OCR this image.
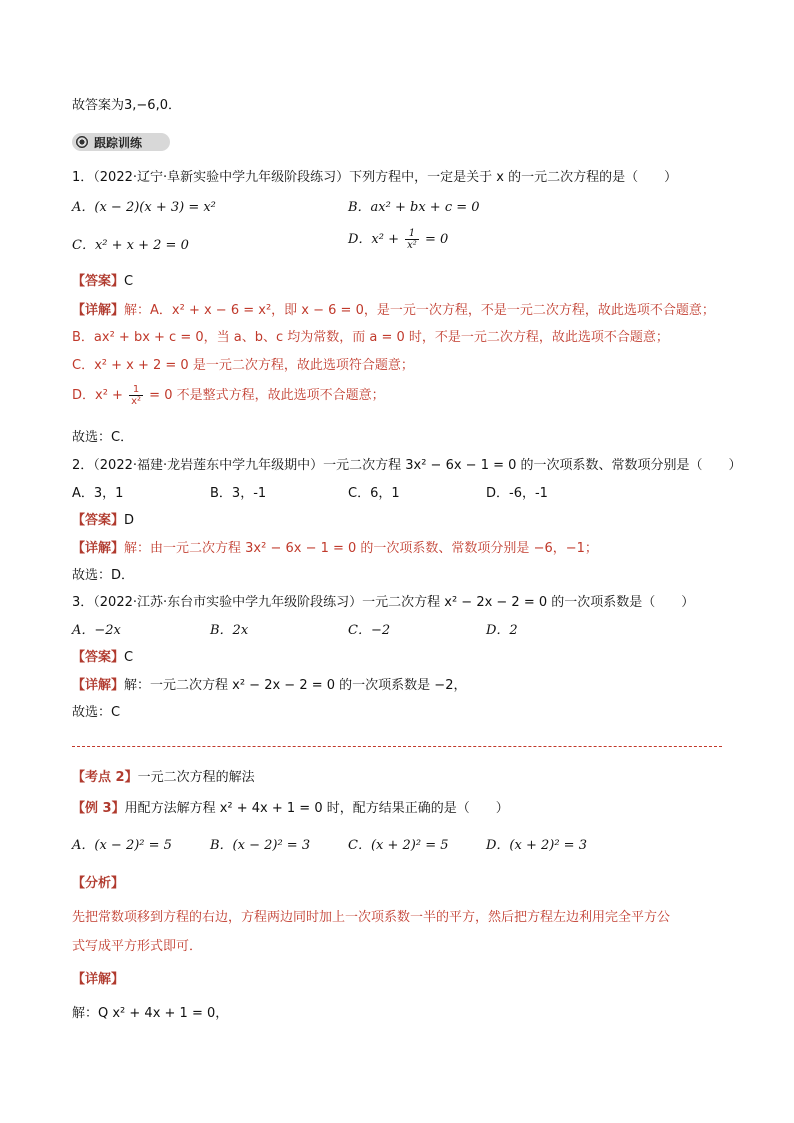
故答案为3,−6,0．
跟踪训练
1．（2022·辽宁·阜新实验中学九年级阶段练习）下列方程中，一定是关于 x 的一元二次方程的是（　　）
A．(x − 2)(x + 3) = x²	B．ax² + bx + c = 0
C．x² + x + 2 = 0	D．$x^2 + \frac{1}{\text{x²}} = 0$
【答案】C
【详解】解：A．x² + x − 6 = x²，即 x − 6 = 0，是一元一次方程，不是一元二次方程，故此选项不合题意；
B．ax² + bx + c = 0，当 a、b、c 均为常数，而 a = 0 时，不是一元二次方程，故此选项不合题意；
C．x² + x + 2 = 0 是一元二次方程，故此选项符合题意；
D．$x^2 + \frac{1}{\text{x²}} = 0$ 不是整式方程，故此选项不合题意；
故选：C．
2．（2022·福建·龙岩莲东中学九年级期中）一元二次方程 3x² − 6x − 1 = 0 的一次项系数、常数项分别是（　　）
A．3，1	B．3，-1	C．6，1	D．-6，-1
【答案】D
【详解】解：由一元二次方程 3x² − 6x − 1 = 0 的一次项系数、常数项分别是 −6，−1；
故选：D．
3．（2022·江苏·东台市实验中学九年级阶段练习）一元二次方程 x² − 2x − 2 = 0 的一次项系数是（　　）
A．−2x	B．2x	C．−2	D．2
【答案】C
【详解】解：一元二次方程 x² − 2x − 2 = 0 的一次项系数是 −2，
故选：C
【考点 2】一元二次方程的解法
【例 3】用配方法解方程 x² + 4x + 1 = 0 时，配方结果正确的是（　　）
A．(x − 2)² = 5	B．(x − 2)² = 3	C．(x + 2)² = 5	D．(x + 2)² = 3
【分析】
先把常数项移到方程的右边，方程两边同时加上一次项系数一半的平方，然后把方程左边利用完全平方公
式写成平方形式即可．
【详解】
解：Q x² + 4x + 1 = 0，
